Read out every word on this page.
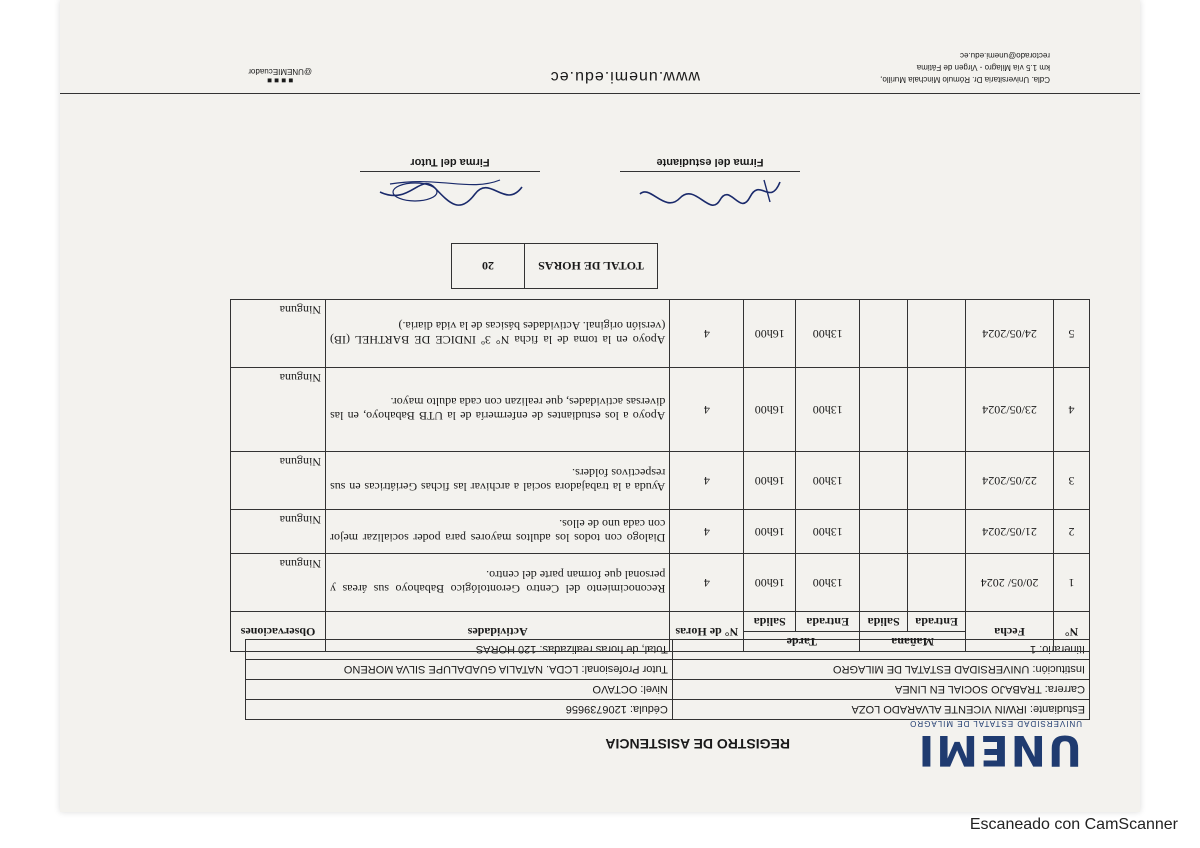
UNEMI
UNIVERSIDAD ESTATAL DE MILAGRO
REGISTRO DE ASISTENCIA
Estudiante: IRWIN VICENTE ALVARADO LOZA	Cédula: 1206739656
Carrera: TRABAJO SOCIAL EN LINEA	Nivel: OCTAVO
Institución: UNIVERSIDAD ESTATAL DE MILAGRO	Tutor Profesional: LCDA. NATALIA GUADALUPE SILVA MORENO
Itinerario: 1	Total, de horas realizadas: 120 HORAS
N°	Fecha	Mañana		Tarde		N° de Horas	Actividades	Observaciones
		Entrada	Salida	Entrada	Salida			
1	20/05/ 2024			13h00	16h00	4	Reconocimiento del Centro Gerontológico Babahoyo sus áreas y personal que forman parte del centro.	Ninguna
2	21/05/2024			13h00	16h00	4	Dialogo con todos los adultos mayores para poder socializar mejor con cada uno de ellos.	Ninguna
3	22/05/2024			13h00	16h00	4	Ayuda a la trabajadora social a archivar las fichas Geriátricas en sus respectivos folders.	Ninguna
4	23/05/2024			13h00	16h00	4	Apoyo a los estudiantes de enfermería de la UTB Babahoyo, en las diversas actividades, que realizan con cada adulto mayor.	Ninguna
5	24/05/2024			13h00	16h00	4	Apoyo en la toma de la ficha N° 3º INDICE DE BARTHEL (IB) (versión original. Actividades básicas de la vida diaria.)	Ninguna
TOTAL DE HORAS	20
Firma del estudiante
Firma del Tutor
Cdla. Universitaria Dr. Rómulo Minchala Murillo,
km 1.5 vía Milagro - Virgen de Fátima
rectorado@unemi.edu.ec
www.unemi.edu.ec
■ ■ ■ ■
@UNEMIEcuador
Escaneado con CamScanner
